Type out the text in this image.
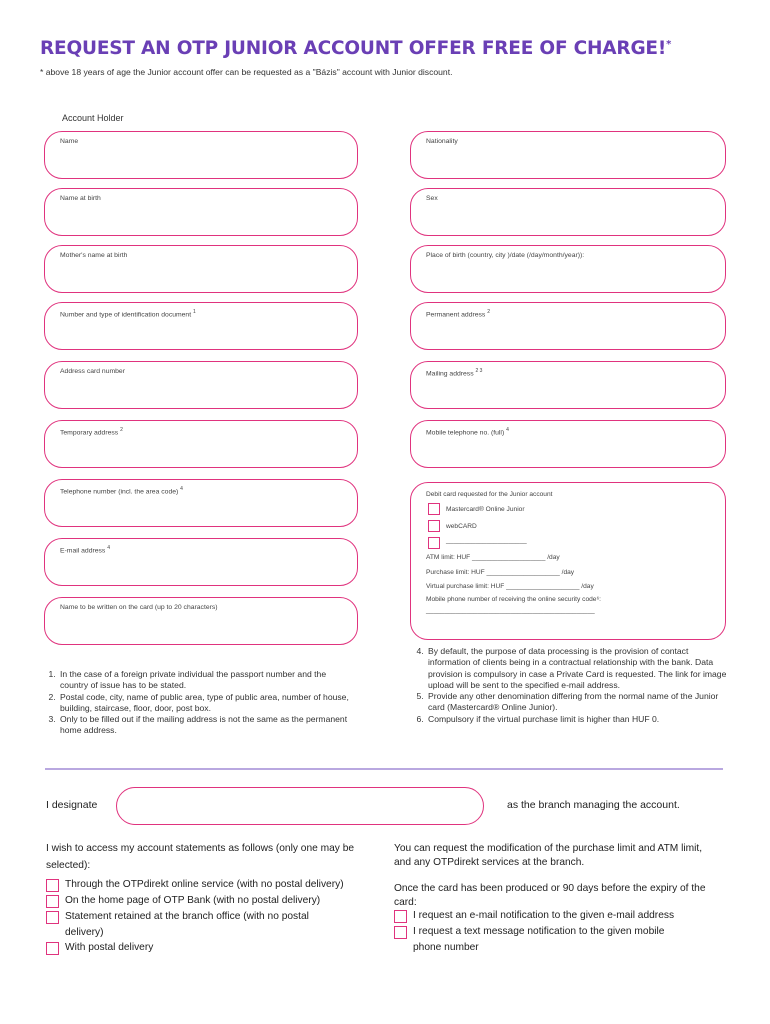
REQUEST AN OTP JUNIOR ACCOUNT OFFER FREE OF CHARGE!*
* above 18 years of age the Junior account offer can be requested as a "Bázis" account with Junior discount.
Account Holder
Name
Name at birth
Mother's name at birth
Number and type of identification document $^1$
Address card number
Temporary address $^2$
Telephone number (incl. the area code) $^4$
E-mail address $^4$
Name to be written on the card (up to 20 characters)
Nationality
Sex
Place of birth (country, city )/date (/day/month/year)):
Permanent address $^2$
Mailing address $^{2 3}$
Mobile telephone no. (full) $^4$
Debit card requested for the Junior account
Mastercard® Online Junior
webCARD
______________________
ATM limit: HUF ____________________ /day
Purchase limit: HUF ____________________ /day
Virtual purchase limit: HUF ____________________ /day
Mobile phone number of receiving the online security code⁶:
______________________________________________
1. In the case of a foreign private individual the passport number and the country of issue has to be stated.
2. Postal code, city, name of public area, type of public area, number of house, building, staircase, floor, door, post box.
3. Only to be filled out if the mailing address is not the same as the permanent home address.
4. By default, the purpose of data processing is the provision of contact information of clients being in a contractual relationship with the bank. Data provision is compulsory in case a Private Card is requested. The link for image upload will be sent to the specified e-mail address.
5. Provide any other denomination differing from the normal name of the Junior card (Mastercard® Online Junior).
6. Compulsory if the virtual purchase limit is higher than HUF 0.
I designate	as the branch managing the account.
I wish to access my account statements as follows (only one may be selected):
Through the OTPdirekt online service (with no postal delivery)
On the home page of OTP Bank (with no postal delivery)
Statement retained at the branch office (with no postal
delivery)
With postal delivery
You can request the modification of the purchase limit and ATM limit, and any OTPdirekt services at the branch.
Once the card has been produced or 90 days before the expiry of the card:
I request an e-mail notification to the given e-mail address
I request a text message notification to the given mobile
phone number
